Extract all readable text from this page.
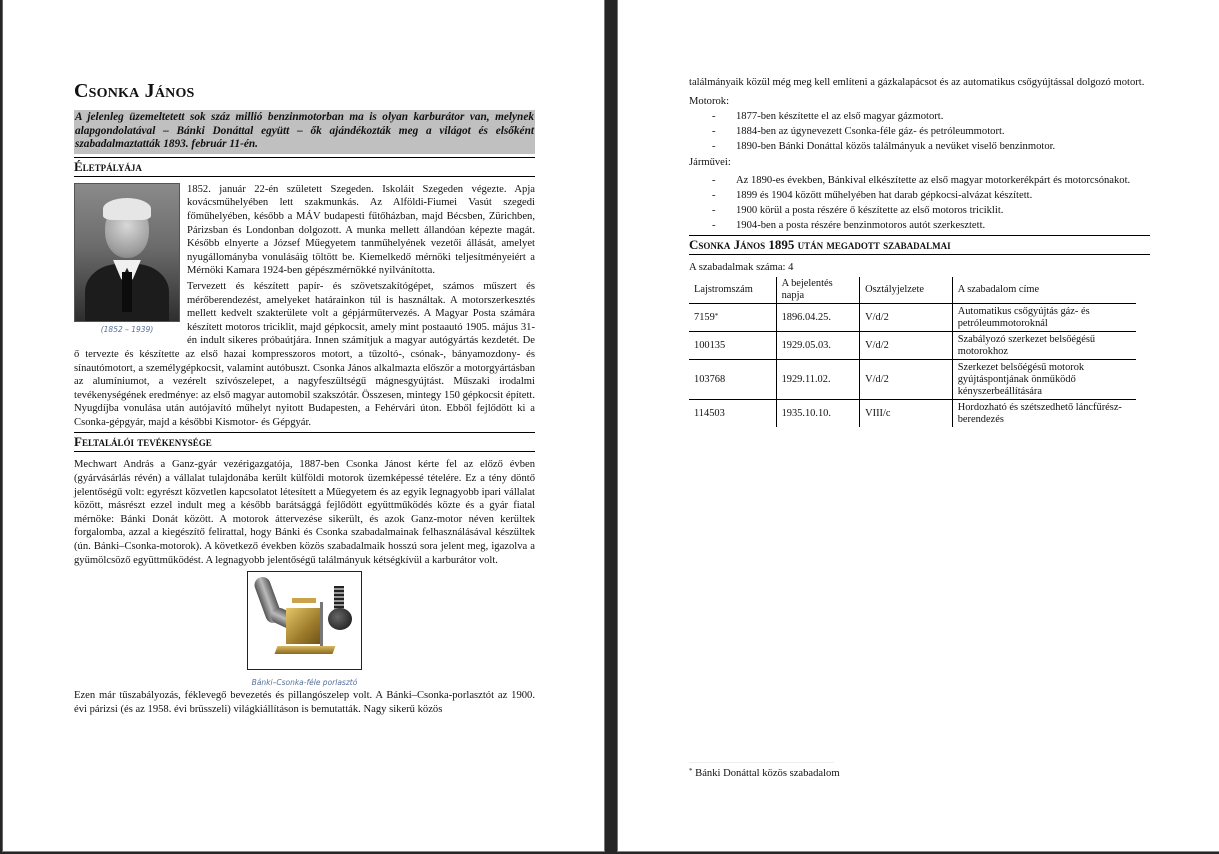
Csonka János
A jelenleg üzemeltetett sok száz millió benzinmotorban ma is olyan karburátor van, melynek alapgondolatával – Bánki Donáttal együtt – ők ajándékozták meg a világot és elsőként szabadalmaztatták 1893. február 11-én.
Életpályája
(1852 – 1939)

1852. január 22-én született Szegeden. Iskoláit Szegeden végezte. Apja kovácsműhelyében lett szakmunkás. Az Alföldi-Fiumei Vasút szegedi főműhelyében, később a MÁV budapesti fűtőházban, majd Bécsben, Zürichben, Párizsban és Londonban dolgozott. A munka mellett állandóan képezte magát. Később elnyerte a József Műegyetem tanműhelyének vezetői állását, amelyet nyugállományba vonulásáig töltött be. Kiemelkedő mérnöki teljesítményeiért a Mérnöki Kamara 1924-ben gépészmérnökké nyilvánította.

Tervezett és készített papír- és szövetszakítógépet, számos műszert és mérőberendezést, amelyeket határainkon túl is használtak. A motorszerkesztés mellett kedvelt szakterülete volt a gépjárműtervezés. A Magyar Posta számára készített motoros triciklit, majd gépkocsit, amely mint postaautó 1905. május 31-én indult sikeres próbaútjára. Innen számítjuk a magyar autógyártás kezdetét. De ő tervezte és készítette az első hazai kompresszoros motort, a tűzoltó-, csónak-, bányamozdony- és sínautómotort, a személygépkocsit, valamint autóbuszt. Csonka János alkalmazta először a motorgyártásban az alumíniumot, a vezérelt szívószelepet, a nagyfeszültségű mágnesgyújtást. Műszaki irodalmi tevékenységének eredménye: az első magyar automobil szakszótár. Összesen, mintegy 150 gépkocsit épített. Nyugdíjba vonulása után autójavító műhelyt nyitott Budapesten, a Fehérvári úton. Ebből fejlődött ki a Csonka-gépgyár, majd a későbbi Kismotor- és Gépgyár.

Feltalálói tevékenysége

Mechwart András a Ganz-gyár vezérigazgatója, 1887-ben Csonka Jánost kérte fel az előző évben (gyárvásárlás révén) a vállalat tulajdonába került külföldi motorok üzemképessé tételére. Ez a tény döntő jelentőségű volt: egyrészt közvetlen kapcsolatot létesített a Műegyetem és az egyik legnagyobb ipari vállalat között, másrészt ezzel indult meg a később barátsággá fejlődött együttműködés közte és a gyár fiatal mérnöke: Bánki Donát között. A motorok áttervezése sikerült, és azok Ganz-motor néven kerültek forgalomba, azzal a kiegészítő felirattal, hogy Bánki és Csonka szabadalmainak felhasználásával készültek (ún. Bánki–Csonka-motorok). A következő években közös szabadalmaik hosszú sora jelent meg, igazolva a gyümölcsöző együttműködést. A legnagyobb jelentőségű találmányuk kétségkívül a karburátor volt.

Bánki–Csonka-féle porlasztó

Ezen már tűszabályozás, féklevegő bevezetés és pillangószelep volt. A Bánki–Csonka-porlasztót az 1900. évi párizsi (és az 1958. évi brüsszeli) világkiállításon is bemutatták. Nagy sikerű közös

találmányaik közül még meg kell említeni a gázkalapácsot és az automatikus csőgyújtással dolgozó motort.

Motorok:

- 1877-ben készítette el az első magyar gázmotort.
- 1884-ben az úgynevezett Csonka-féle gáz- és petróleummotort.
- 1890-ben Bánki Donáttal közös találmányuk a nevüket viselő benzinmotor.

Járművei:

- Az 1890-es években, Bánkival elkészítette az első magyar motorkerékpárt és motorcsónakot.
- 1899 és 1904 között műhelyében hat darab gépkocsi-alvázat készített.
- 1900 körül a posta részére ő készítette az első motoros triciklit.
- 1904-ben a posta részére benzinmotoros autót szerkesztett.
Csonka János 1895 után megadott szabadalmai

A szabadalmak száma: 4

Lajstromszám	A bejelentés napja	Osztályjelzete	A szabadalom címe
7159*	1896.04.25.	V/d/2	Automatikus csőgyújtás gáz- és petróleummotoroknál
100135	1929.05.03.	V/d/2	Szabályozó szerkezet belsőégésű motorokhoz
103768	1929.11.02.	V/d/2	Szerkezet belsőégésű motorok gyújtáspontjának önműködő kényszerbeállítására
114503	1935.10.10.	VIII/c	Hordozható és szétszedhető láncfűrész-berendezés
* Bánki Donáttal közös szabadalom
